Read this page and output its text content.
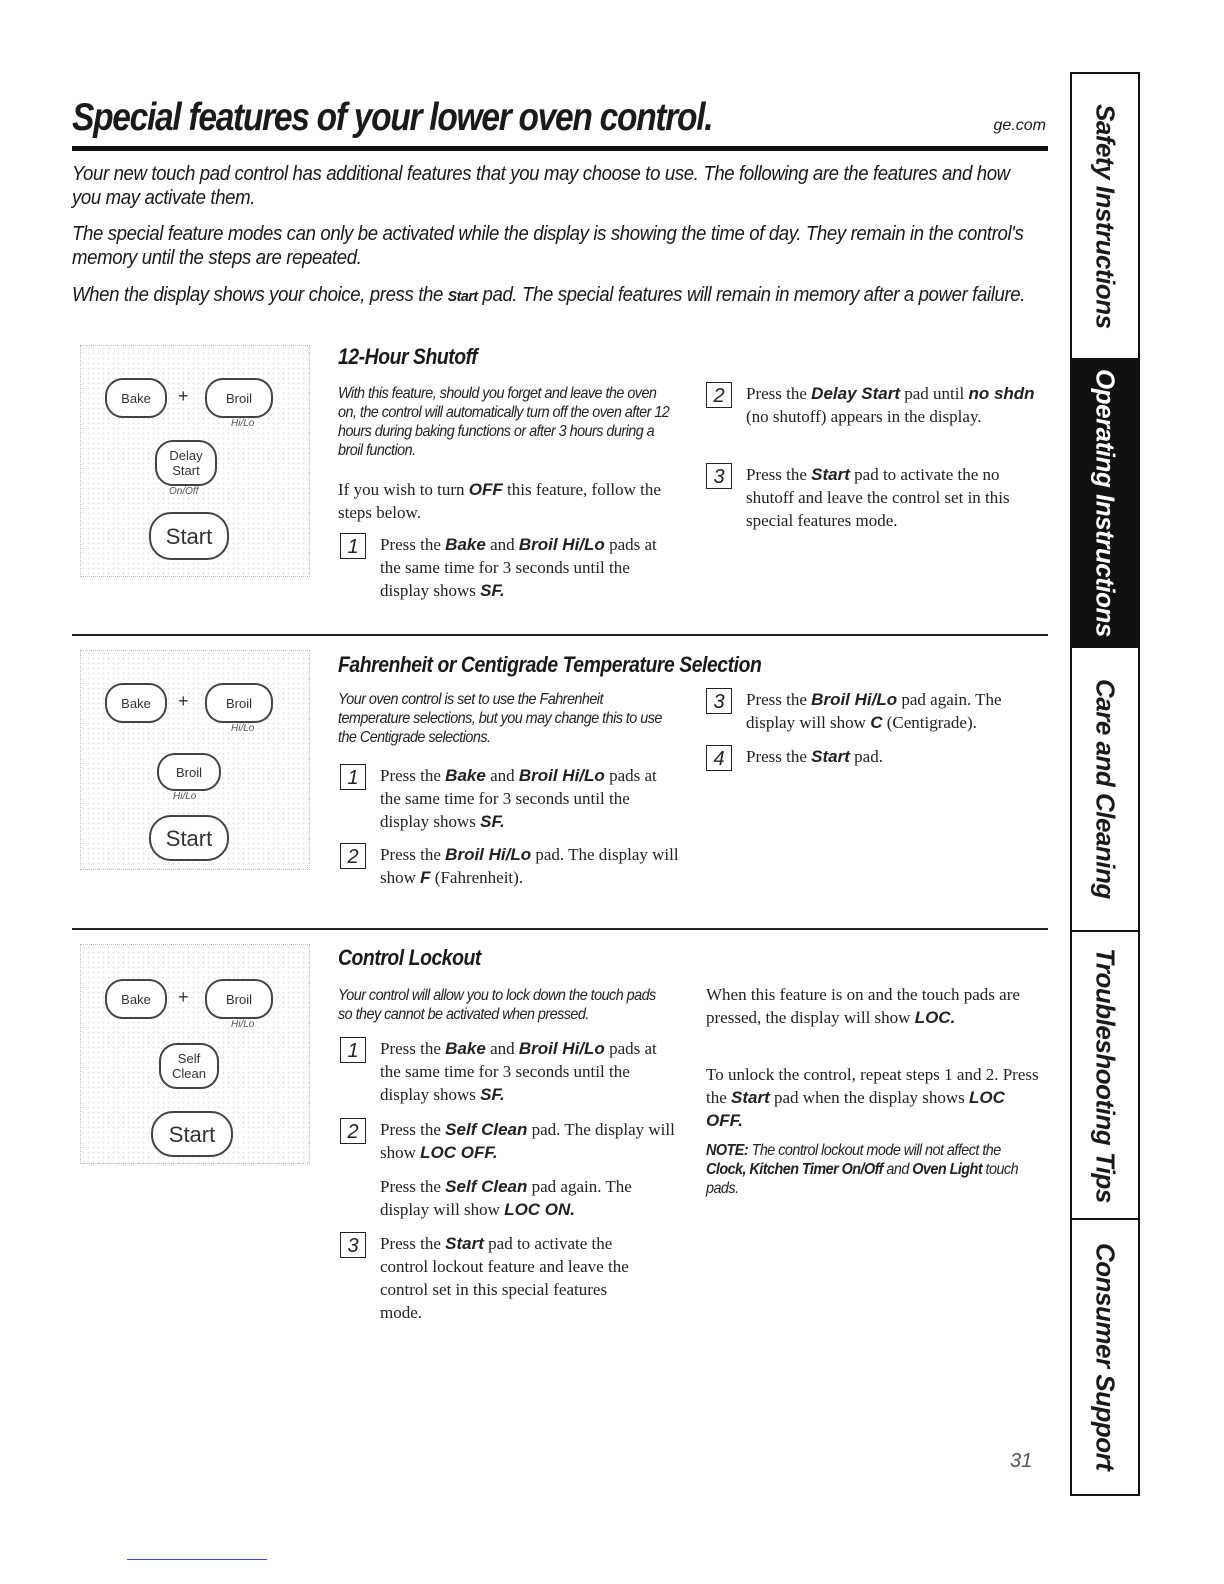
Special features of your lower oven control.	ge.com
Your new touch pad control has additional features that you may choose to use. The following are the features and how you may activate them.
The special feature modes can only be activated while the display is showing the time of day. They remain in the control's memory until the steps are repeated.
When the display shows your choice, press the Start pad. The special features will remain in memory after a power failure.
Bake	+	Broil
Hi/Lo
Delay Start
On/Off
Start
12-Hour Shutoff
With this feature, should you forget and leave the oven on, the control will automatically turn off the oven after 12 hours during baking functions or after 3 hours during a broil function.
If you wish to turn OFF this feature, follow the steps below.
1	Press the Bake and Broil Hi/Lo pads at the same time for 3 seconds until the display shows SF.
2	Press the Delay Start pad until no shdn (no shutoff) appears in the display.
3	Press the Start pad to activate the no shutoff and leave the control set in this special features mode.
Bake	+	Broil
Hi/Lo
Broil
Hi/Lo
Start
Fahrenheit or Centigrade Temperature Selection
Your oven control is set to use the Fahrenheit temperature selections, but you may change this to use the Centigrade selections.
1	Press the Bake and Broil Hi/Lo pads at the same time for 3 seconds until the display shows SF.
2	Press the Broil Hi/Lo pad. The display will show F (Fahrenheit).
3	Press the Broil Hi/Lo pad again. The display will show C (Centigrade).
4	Press the Start pad.
Bake	+	Broil
Hi/Lo
Self Clean
Start
Control Lockout
Your control will allow you to lock down the touch pads so they cannot be activated when pressed.
1	Press the Bake and Broil Hi/Lo pads at the same time for 3 seconds until the display shows SF.
2	Press the Self Clean pad. The display will show LOC OFF.
Press the Self Clean pad again. The display will show LOC ON.
3	Press the Start pad to activate the control lockout feature and leave the control set in this special features mode.
When this feature is on and the touch pads are pressed, the display will show LOC.
To unlock the control, repeat steps 1 and 2. Press the Start pad when the display shows LOC OFF.
NOTE: The control lockout mode will not affect the Clock, Kitchen Timer On/Off and Oven Light touch pads.
Safety Instructions
Operating Instructions
Care and Cleaning
Troubleshooting Tips
Consumer Support
31
